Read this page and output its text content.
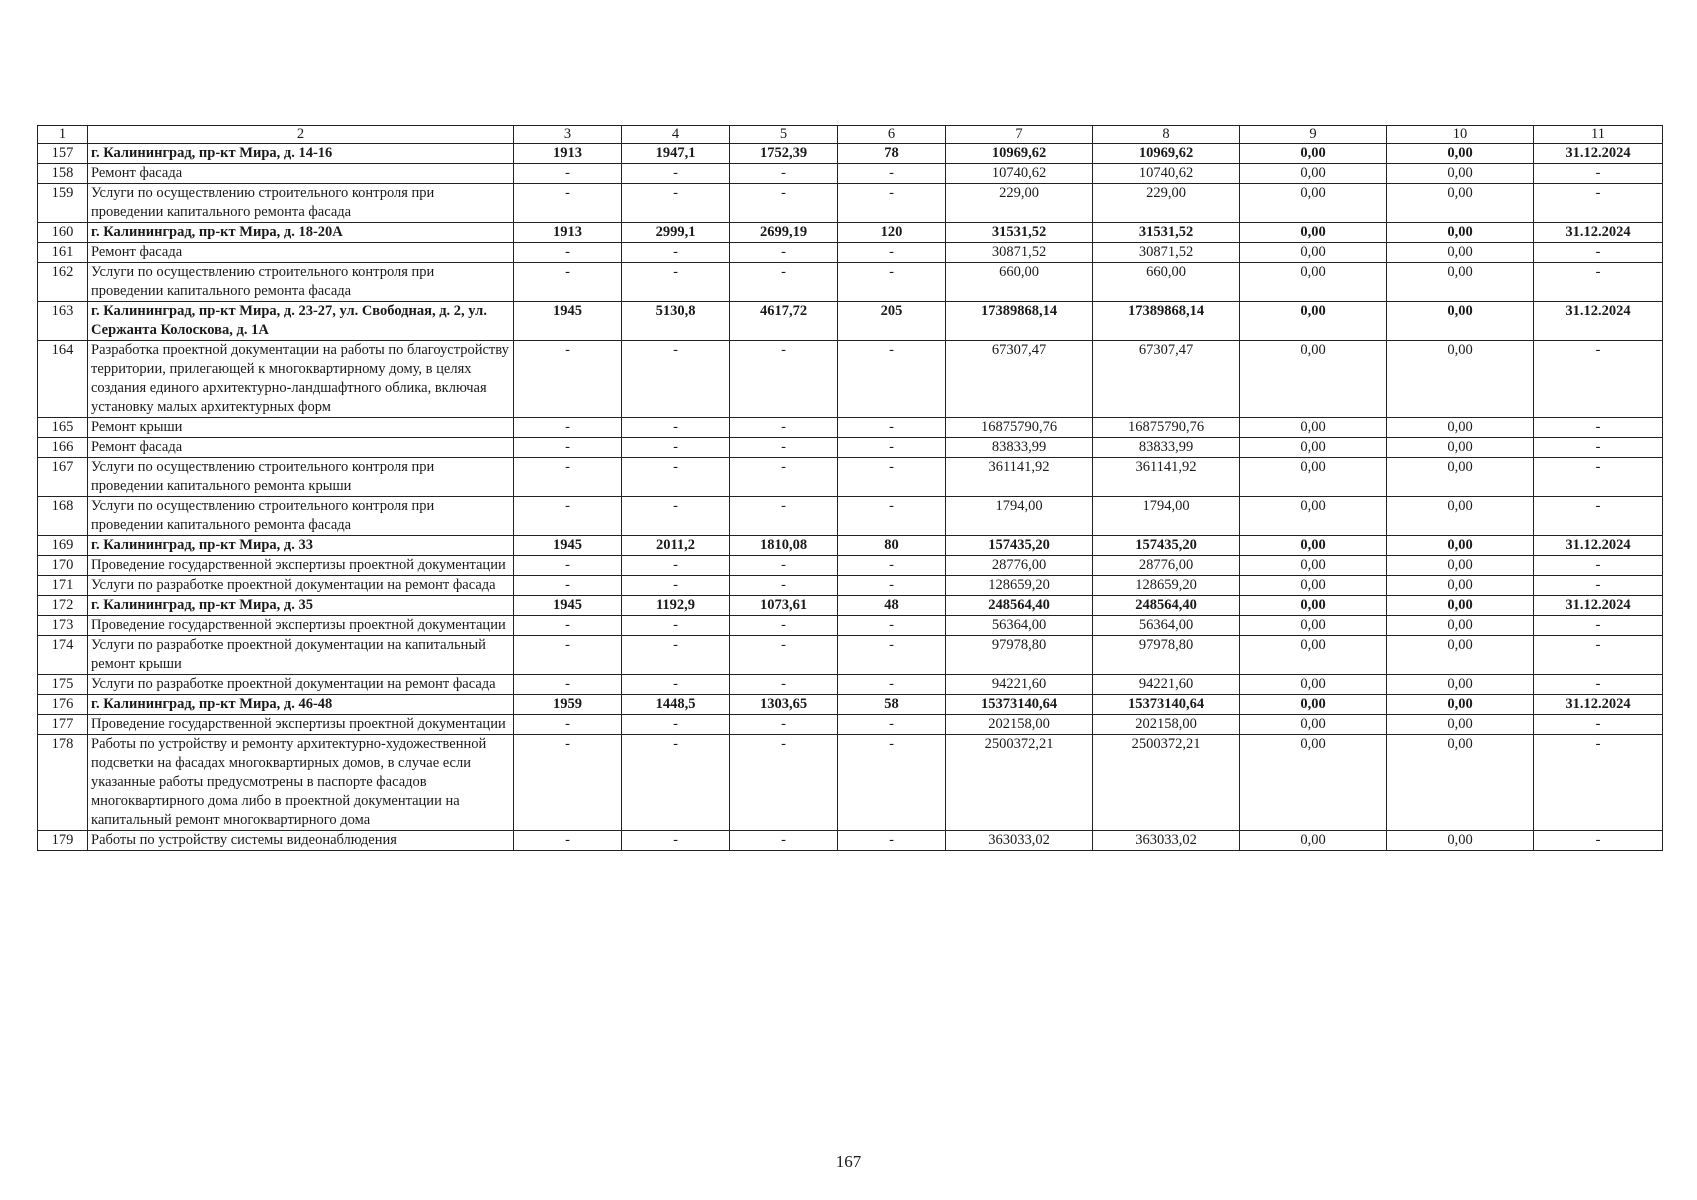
1	2	3	4	5	6	7	8	9	10	11
157	г. Калининград, пр-кт Мира, д. 14-16	1913	1947,1	1752,39	78	10969,62	10969,62	0,00	0,00	31.12.2024
158	Ремонт фасада	-	-	-	-	10740,62	10740,62	0,00	0,00	-
159	Услуги по осуществлению строительного контроля при проведении капитального ремонта фасада	-	-	-	-	229,00	229,00	0,00	0,00	-
160	г. Калининград, пр-кт Мира, д. 18-20А	1913	2999,1	2699,19	120	31531,52	31531,52	0,00	0,00	31.12.2024
161	Ремонт фасада	-	-	-	-	30871,52	30871,52	0,00	0,00	-
162	Услуги по осуществлению строительного контроля при проведении капитального ремонта фасада	-	-	-	-	660,00	660,00	0,00	0,00	-
163	г. Калининград, пр-кт Мира, д. 23-27, ул. Свободная, д. 2, ул. Сержанта Колоскова, д. 1А	1945	5130,8	4617,72	205	17389868,14	17389868,14	0,00	0,00	31.12.2024
164	Разработка проектной документации на работы по благоустройству территории, прилегающей к многоквартирному дому, в целях создания единого архитектурно-ландшафтного облика, включая установку малых архитектурных форм	-	-	-	-	67307,47	67307,47	0,00	0,00	-
165	Ремонт крыши	-	-	-	-	16875790,76	16875790,76	0,00	0,00	-
166	Ремонт фасада	-	-	-	-	83833,99	83833,99	0,00	0,00	-
167	Услуги по осуществлению строительного контроля при проведении капитального ремонта крыши	-	-	-	-	361141,92	361141,92	0,00	0,00	-
168	Услуги по осуществлению строительного контроля при проведении капитального ремонта фасада	-	-	-	-	1794,00	1794,00	0,00	0,00	-
169	г. Калининград, пр-кт Мира, д. 33	1945	2011,2	1810,08	80	157435,20	157435,20	0,00	0,00	31.12.2024
170	Проведение государственной экспертизы проектной документации	-	-	-	-	28776,00	28776,00	0,00	0,00	-
171	Услуги по разработке проектной документации на ремонт фасада	-	-	-	-	128659,20	128659,20	0,00	0,00	-
172	г. Калининград, пр-кт Мира, д. 35	1945	1192,9	1073,61	48	248564,40	248564,40	0,00	0,00	31.12.2024
173	Проведение государственной экспертизы проектной документации	-	-	-	-	56364,00	56364,00	0,00	0,00	-
174	Услуги по разработке проектной документации на капитальный ремонт крыши	-	-	-	-	97978,80	97978,80	0,00	0,00	-
175	Услуги по разработке проектной документации на ремонт фасада	-	-	-	-	94221,60	94221,60	0,00	0,00	-
176	г. Калининград, пр-кт Мира, д. 46-48	1959	1448,5	1303,65	58	15373140,64	15373140,64	0,00	0,00	31.12.2024
177	Проведение государственной экспертизы проектной документации	-	-	-	-	202158,00	202158,00	0,00	0,00	-
178	Работы по устройству и ремонту архитектурно-художественной подсветки на фасадах многоквартирных домов, в случае если указанные работы предусмотрены в паспорте фасадов многоквартирного дома либо в проектной документации на капитальный ремонт многоквартирного дома	-	-	-	-	2500372,21	2500372,21	0,00	0,00	-
179	Работы по устройству системы видеонаблюдения	-	-	-	-	363033,02	363033,02	0,00	0,00	-
167
